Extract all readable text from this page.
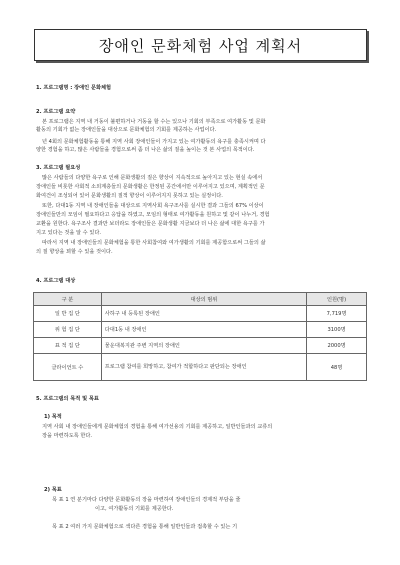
장애인 문화체험 사업 계획서
1. 프로그램명 : 장애인 문화체험
2. 프로그램 요약
본 프로그램은 지역 내 거동이 불편하거나 거동을 할 수는 있으나 기회의 부족으로 여가활동 및 문화
활동의 기회가 없는 장애인들을 대상으로 문화체험의 기회를 제공하는 사업이다.
년 4회의 문화체험활동을 통해 지역 사회 장애인들이 가지고 있는 여가활동의 욕구를 충족시켜며 다
양한 경험을 하고, 많은 사람들을 경험으로써 좀 더 나은 삶의 질을 높이는 것 본 사업의 목적이다.
3. 프로그램 필요성
많은 사람들의 다양한 욕구로 인해 문화생활의 질은 향상이 지속적으로 높아지고 있는 현실 속에서
장애인들 비롯한 사회적 소외계층들의 문화생활은 한정된 공간에서만 이루어지고 있으며, 계획적인 문
화여건이 조성되어 있어 문화생활의 질적 향상이 이루어지지 못하고 있는 실정이다.
또한, 다대1동 지역 내 장애인들을 대상으로 지역사회 욕구조사를 실시한 결과 그들의 67% 이상이
장애인들만의 모임이 필요하다고 응답을 하였고, 모임의 형태로 여가활동을 원하고 및 같이 나누거, 경험
교환을 원한다. 욕구조사 결과만 보더라도 장애인들은 문화생활 지금보다 더 나은 삶에 대한 욕구를 가
지고 있다는 것을 알 수 있다.
따라서 지역 내 장애인들의 문화체험을 통한 사회참여와 여가생활의 기회를 제공함으로써 그들의 삶
의 질 향상을 꾀할 수 있을 것이다.
4. 프로그램 대상
구 분	대상의 범위	인원(명)
일 반 집 단	사하구 내 등록된 장애인	7,719명
위 험 집 단	다대1동 내 장애인	3100명
표 적 집 단	물운대복지관 주변 지역의 장애인	2000명
클라이언트 수	프로그램 참여를 희망하고, 참여가 적합하다고 판단되는 장애인	48명
5. 프로그램의 목적 및 목표
1) 목적
지역 사회 내 장애인들에게 문화체험의 경험을 통해 여가선용의 기회를 제공하고, 일반인들과의 교류의
장을 마련하도록 한다.
2) 목표
목 표 1 연 분기마다 다양한 문화활동의 장을 마련하여 장애인들의 경제적 부담을 줄
이고, 여가활동의 기회를 제공한다.
목 표 2 여러 가지 문화체험으로 색다른 경험을 통해 일반인들과 접촉할 수 있는 기
